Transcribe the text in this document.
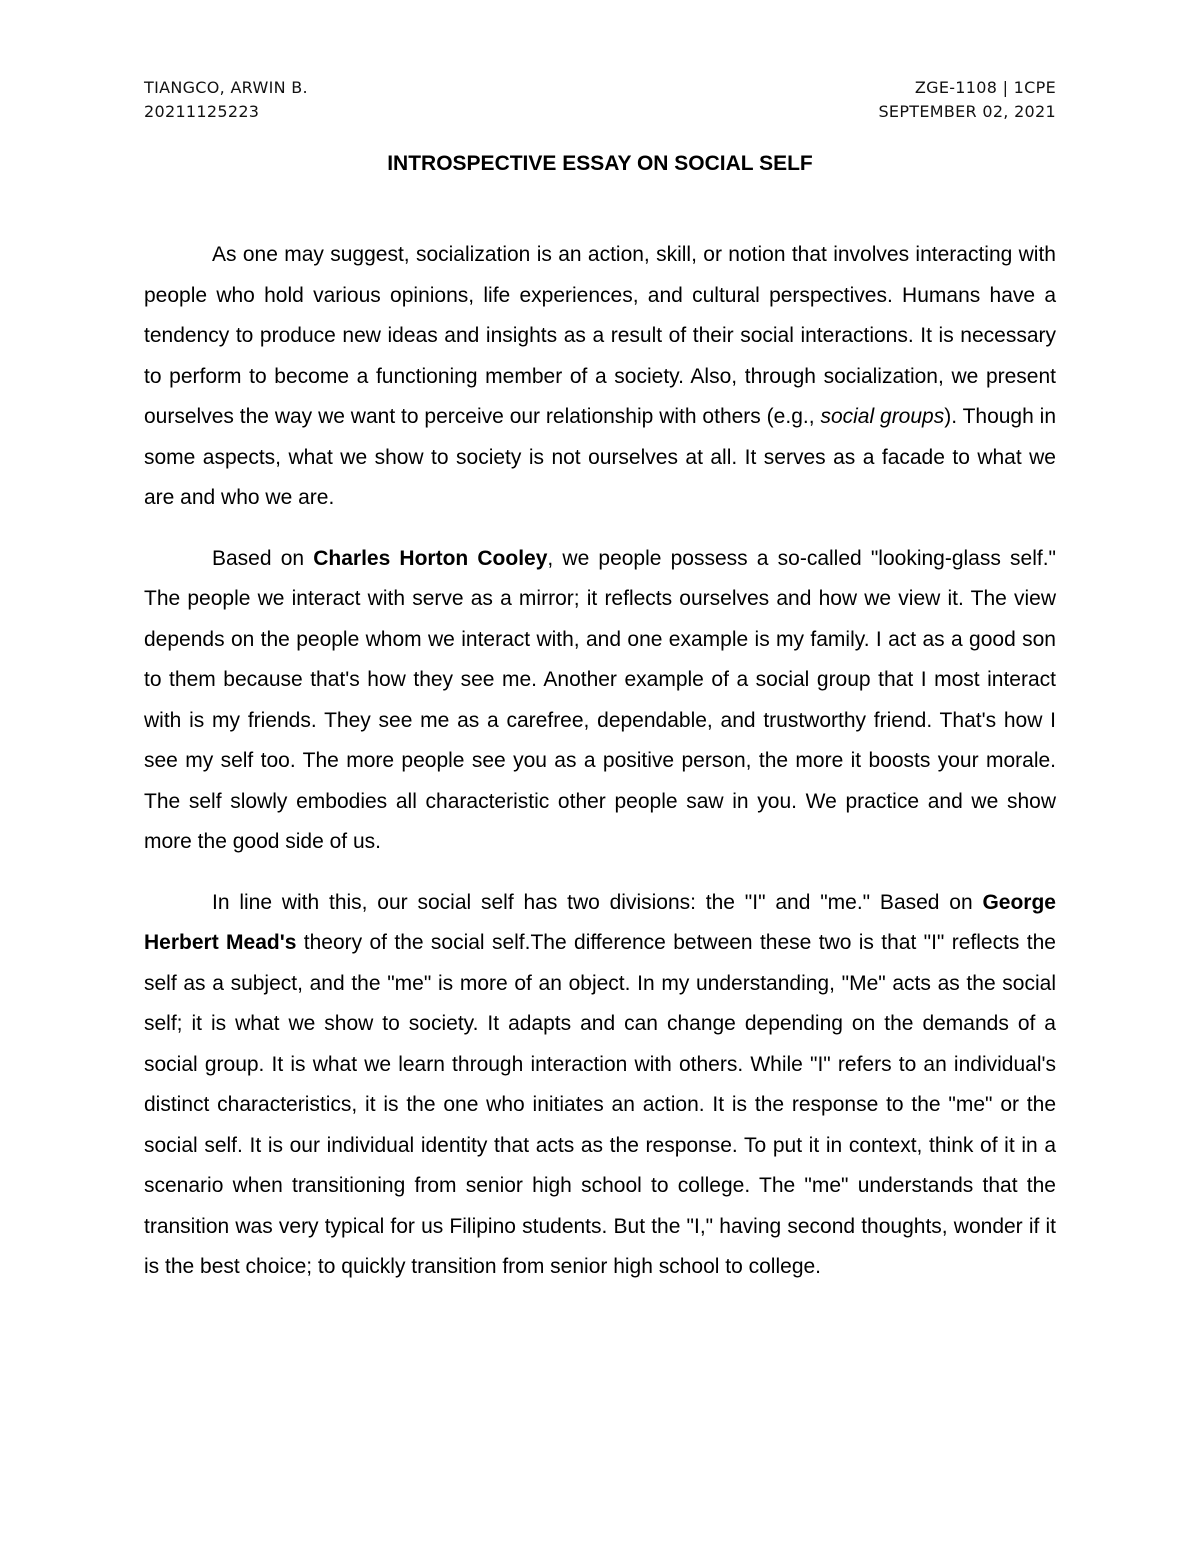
TIANGCO, ARWIN B.
20211125223
ZGE-1108 | 1CPE
SEPTEMBER 02, 2021
INTROSPECTIVE ESSAY ON SOCIAL SELF

As one may suggest, socialization is an action, skill, or notion that involves interacting with people who hold various opinions, life experiences, and cultural perspectives. Humans have a tendency to produce new ideas and insights as a result of their social interactions. It is necessary to perform to become a functioning member of a society. Also, through socialization, we present ourselves the way we want to perceive our relationship with others (e.g., social groups). Though in some aspects, what we show to society is not ourselves at all. It serves as a facade to what we are and who we are.

Based on Charles Horton Cooley, we people possess a so-called "looking-glass self." The people we interact with serve as a mirror; it reflects ourselves and how we view it. The view depends on the people whom we interact with, and one example is my family. I act as a good son to them because that's how they see me. Another example of a social group that I most interact with is my friends. They see me as a carefree, dependable, and trustworthy friend. That's how I see my self too. The more people see you as a positive person, the more it boosts your morale. The self slowly embodies all characteristic other people saw in you. We practice and we show more the good side of us.

In line with this, our social self has two divisions: the "I" and "me." Based on George Herbert Mead's theory of the social self.The difference between these two is that "I" reflects the self as a subject, and the "me" is more of an object. In my understanding, "Me" acts as the social self; it is what we show to society. It adapts and can change depending on the demands of a social group. It is what we learn through interaction with others. While "I" refers to an individual's distinct characteristics, it is the one who initiates an action. It is the response to the "me" or the social self. It is our individual identity that acts as the response. To put it in context, think of it in a scenario when transitioning from senior high school to college. The "me" understands that the transition was very typical for us Filipino students. But the "I," having second thoughts, wonder if it is the best choice; to quickly transition from senior high school to college.
